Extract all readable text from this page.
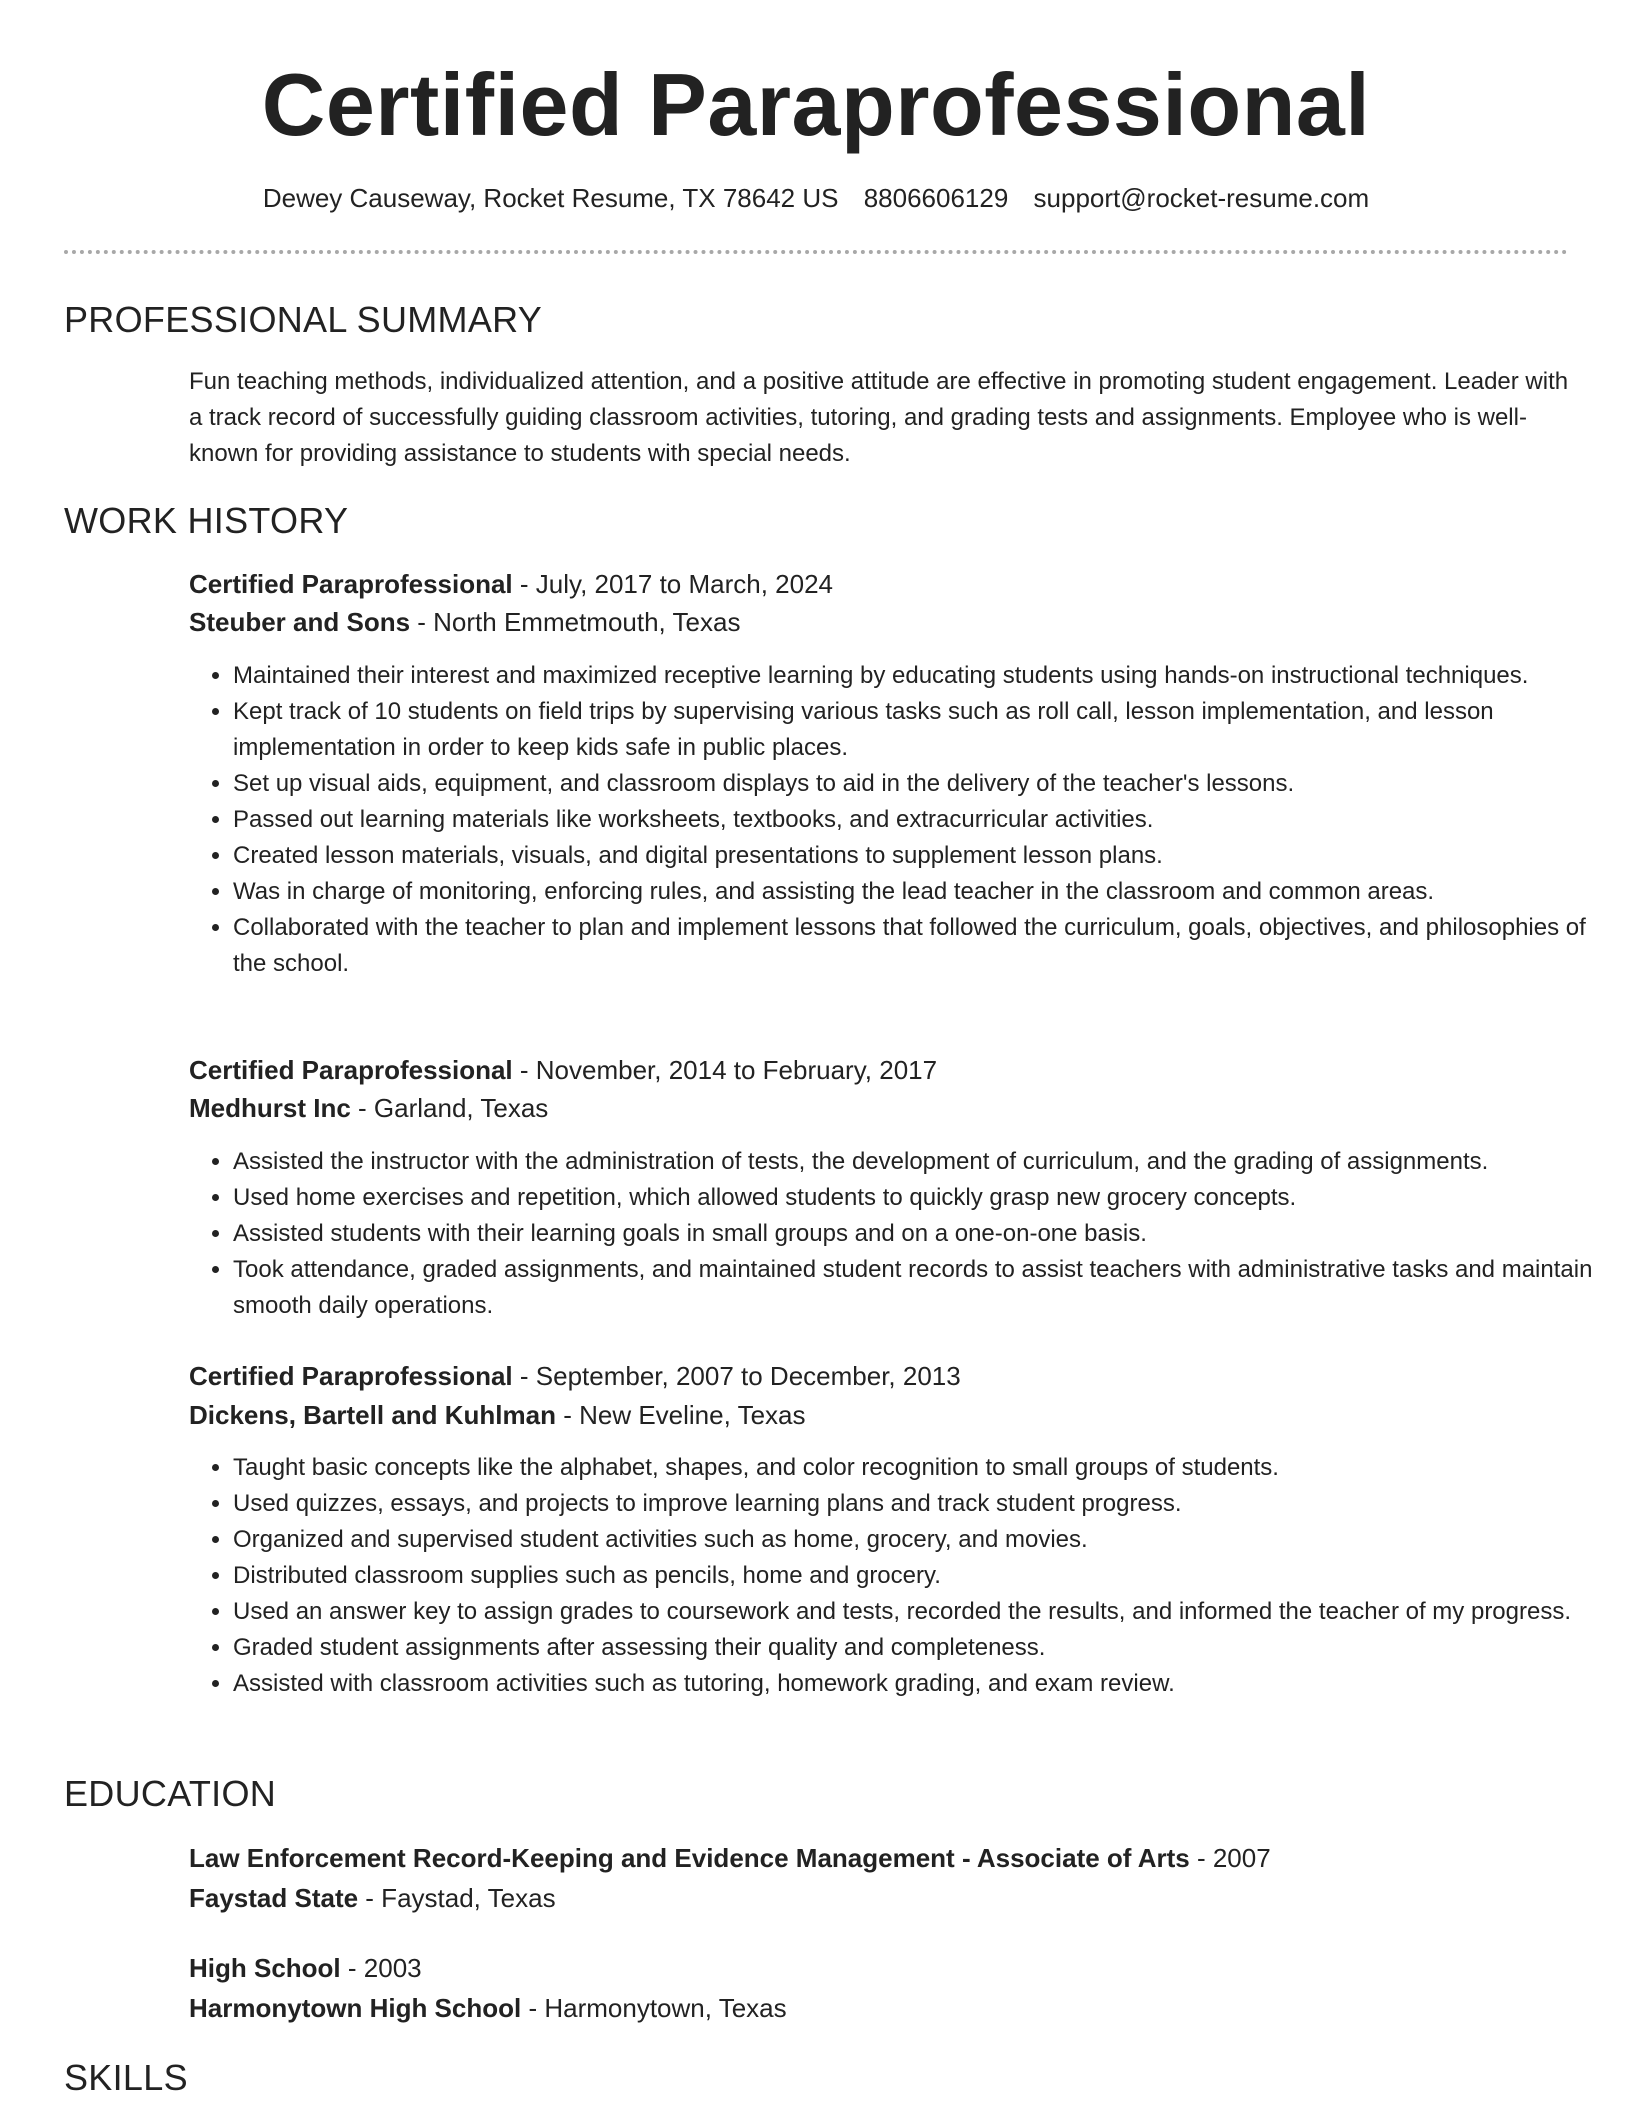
Certified Paraprofessional
Dewey Causeway, Rocket Resume, TX 78642 US 8806606129 support@rocket-resume.com
PROFESSIONAL SUMMARY

Fun teaching methods, individualized attention, and a positive attitude are effective in promoting student engagement. Leader with a track record of successfully guiding classroom activities, tutoring, and grading tests and assignments. Employee who is well-known for providing assistance to students with special needs.

WORK HISTORY
Certified Paraprofessional - July, 2017 to March, 2024
Steuber and Sons - North Emmetmouth, Texas
• Maintained their interest and maximized receptive learning by educating students using hands-on instructional techniques.
• Kept track of 10 students on field trips by supervising various tasks such as roll call, lesson implementation, and lesson implementation in order to keep kids safe in public places.
• Set up visual aids, equipment, and classroom displays to aid in the delivery of the teacher's lessons.
• Passed out learning materials like worksheets, textbooks, and extracurricular activities.
• Created lesson materials, visuals, and digital presentations to supplement lesson plans.
• Was in charge of monitoring, enforcing rules, and assisting the lead teacher in the classroom and common areas.
• Collaborated with the teacher to plan and implement lessons that followed the curriculum, goals, objectives, and philosophies of the school.
Certified Paraprofessional - November, 2014 to February, 2017
Medhurst Inc - Garland, Texas
• Assisted the instructor with the administration of tests, the development of curriculum, and the grading of assignments.
• Used home exercises and repetition, which allowed students to quickly grasp new grocery concepts.
• Assisted students with their learning goals in small groups and on a one-on-one basis.
• Took attendance, graded assignments, and maintained student records to assist teachers with administrative tasks and maintain smooth daily operations.
Certified Paraprofessional - September, 2007 to December, 2013
Dickens, Bartell and Kuhlman - New Eveline, Texas
• Taught basic concepts like the alphabet, shapes, and color recognition to small groups of students.
• Used quizzes, essays, and projects to improve learning plans and track student progress.
• Organized and supervised student activities such as home, grocery, and movies.
• Distributed classroom supplies such as pencils, home and grocery.
• Used an answer key to assign grades to coursework and tests, recorded the results, and informed the teacher of my progress.
• Graded student assignments after assessing their quality and completeness.
• Assisted with classroom activities such as tutoring, homework grading, and exam review.
EDUCATION
Law Enforcement Record-Keeping and Evidence Management - Associate of Arts - 2007
Faystad State - Faystad, Texas
High School - 2003
Harmonytown High School - Harmonytown, Texas
SKILLS
